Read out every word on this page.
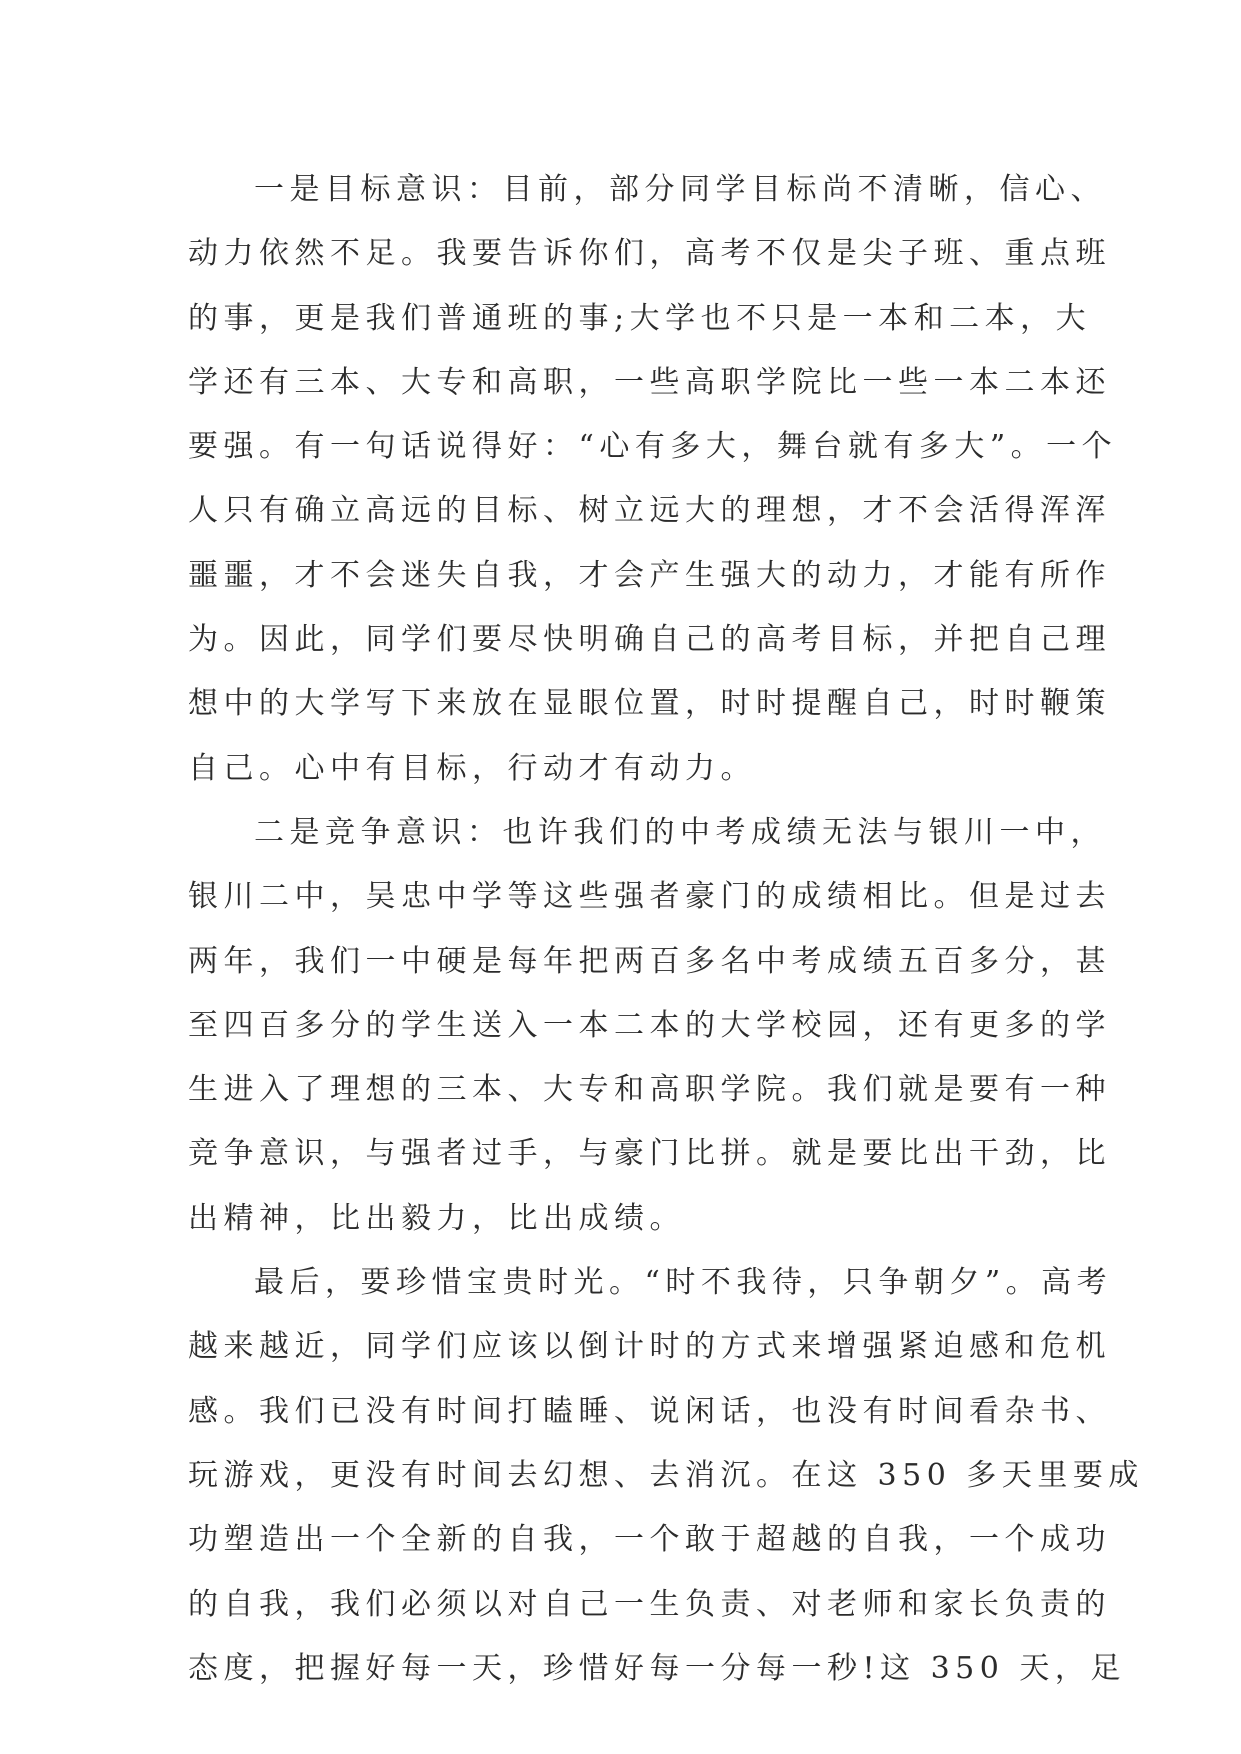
一是目标意识：目前，部分同学目标尚不清晰，信心、
动力依然不足。我要告诉你们，高考不仅是尖子班、重点班
的事，更是我们普通班的事;大学也不只是一本和二本，大
学还有三本、大专和高职，一些高职学院比一些一本二本还
要强。有一句话说得好：“心有多大，舞台就有多大”。一个
人只有确立高远的目标、树立远大的理想，才不会活得浑浑
噩噩，才不会迷失自我，才会产生强大的动力，才能有所作
为。因此，同学们要尽快明确自己的高考目标，并把自己理
想中的大学写下来放在显眼位置，时时提醒自己，时时鞭策
自己。心中有目标，行动才有动力。
二是竞争意识：也许我们的中考成绩无法与银川一中，
银川二中，吴忠中学等这些强者豪门的成绩相比。但是过去
两年，我们一中硬是每年把两百多名中考成绩五百多分，甚
至四百多分的学生送入一本二本的大学校园，还有更多的学
生进入了理想的三本、大专和高职学院。我们就是要有一种
竞争意识，与强者过手，与豪门比拼。就是要比出干劲，比
出精神，比出毅力，比出成绩。
最后，要珍惜宝贵时光。“时不我待，只争朝夕”。高考
越来越近，同学们应该以倒计时的方式来增强紧迫感和危机
感。我们已没有时间打瞌睡、说闲话，也没有时间看杂书、
玩游戏，更没有时间去幻想、去消沉。在这 350 多天里要成
功塑造出一个全新的自我，一个敢于超越的自我，一个成功
的自我，我们必须以对自己一生负责、对老师和家长负责的
态度，把握好每一天，珍惜好每一分每一秒!这 350 天，足
